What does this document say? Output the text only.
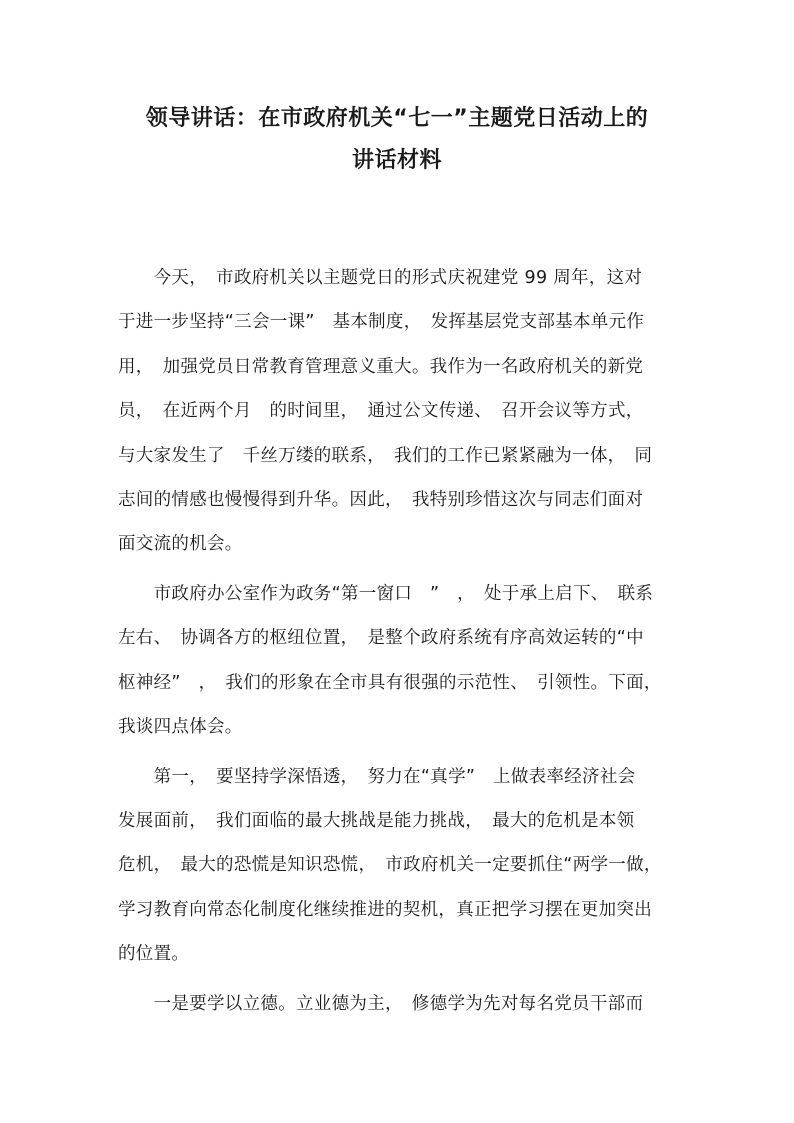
领导讲话：在市政府机关“七一”主题党日活动上的
讲话材料
　　今天，　市政府机关以主题党日的形式庆祝建党 99 周年，这对
于进一步坚持“三会一课”　基本制度，　发挥基层党支部基本单元作
用，　加强党员日常教育管理意义重大。我作为一名政府机关的新党
员，　在近两个月　的时间里，　通过公文传递、　召开会议等方式，
与大家发生了　千丝万缕的联系，　我们的工作已紧紧融为一体，　同
志间的情感也慢慢得到升华。因此，　我特别珍惜这次与同志们面对
面交流的机会。
　　市政府办公室作为政务“第一窗口　”　，　处于承上启下、　联系
左右、　协调各方的枢纽位置，　是整个政府系统有序高效运转的“中
枢神经”　，　我们的形象在全市具有很强的示范性、　引领性。下面，
我谈四点体会。
　　第一，　要坚持学深悟透，　努力在“真学”　上做表率经济社会
发展面前，　我们面临的最大挑战是能力挑战，　最大的危机是本领
危机，　最大的恐慌是知识恐慌，　市政府机关一定要抓住“两学一做，
学习教育向常态化制度化继续推进的契机，真正把学习摆在更加突出
的位置。
　　一是要学以立德。立业德为主，　修德学为先对每名党员干部而
